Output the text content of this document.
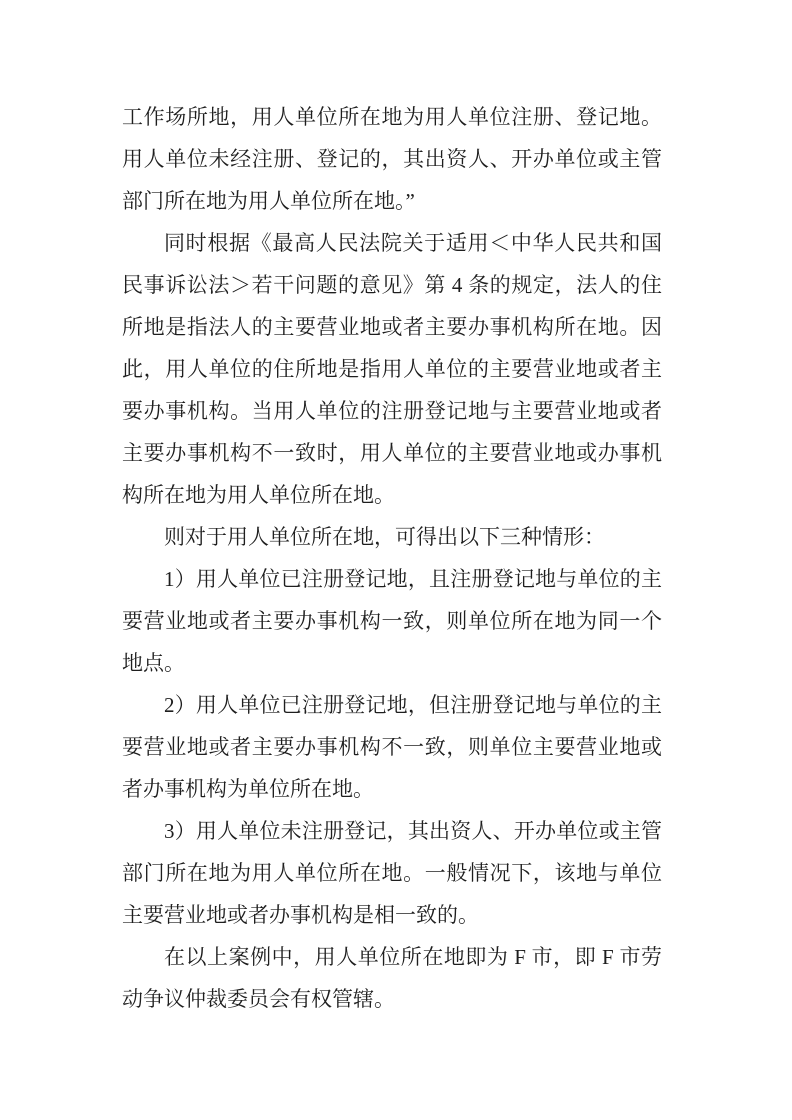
工作场所地，用人单位所在地为用人单位注册、登记地。用人单位未经注册、登记的，其出资人、开办单位或主管部门所在地为用人单位所在地。”

同时根据《最高人民法院关于适用＜中华人民共和国民事诉讼法＞若干问题的意见》第 4 条的规定，法人的住所地是指法人的主要营业地或者主要办事机构所在地。因此，用人单位的住所地是指用人单位的主要营业地或者主要办事机构。当用人单位的注册登记地与主要营业地或者主要办事机构不一致时，用人单位的主要营业地或办事机构所在地为用人单位所在地。

则对于用人单位所在地，可得出以下三种情形：

1）用人单位已注册登记地，且注册登记地与单位的主要营业地或者主要办事机构一致，则单位所在地为同一个地点。

2）用人单位已注册登记地，但注册登记地与单位的主要营业地或者主要办事机构不一致，则单位主要营业地或者办事机构为单位所在地。

3）用人单位未注册登记，其出资人、开办单位或主管部门所在地为用人单位所在地。一般情况下，该地与单位主要营业地或者办事机构是相一致的。

在以上案例中，用人单位所在地即为 F 市，即 F 市劳动争议仲裁委员会有权管辖。
